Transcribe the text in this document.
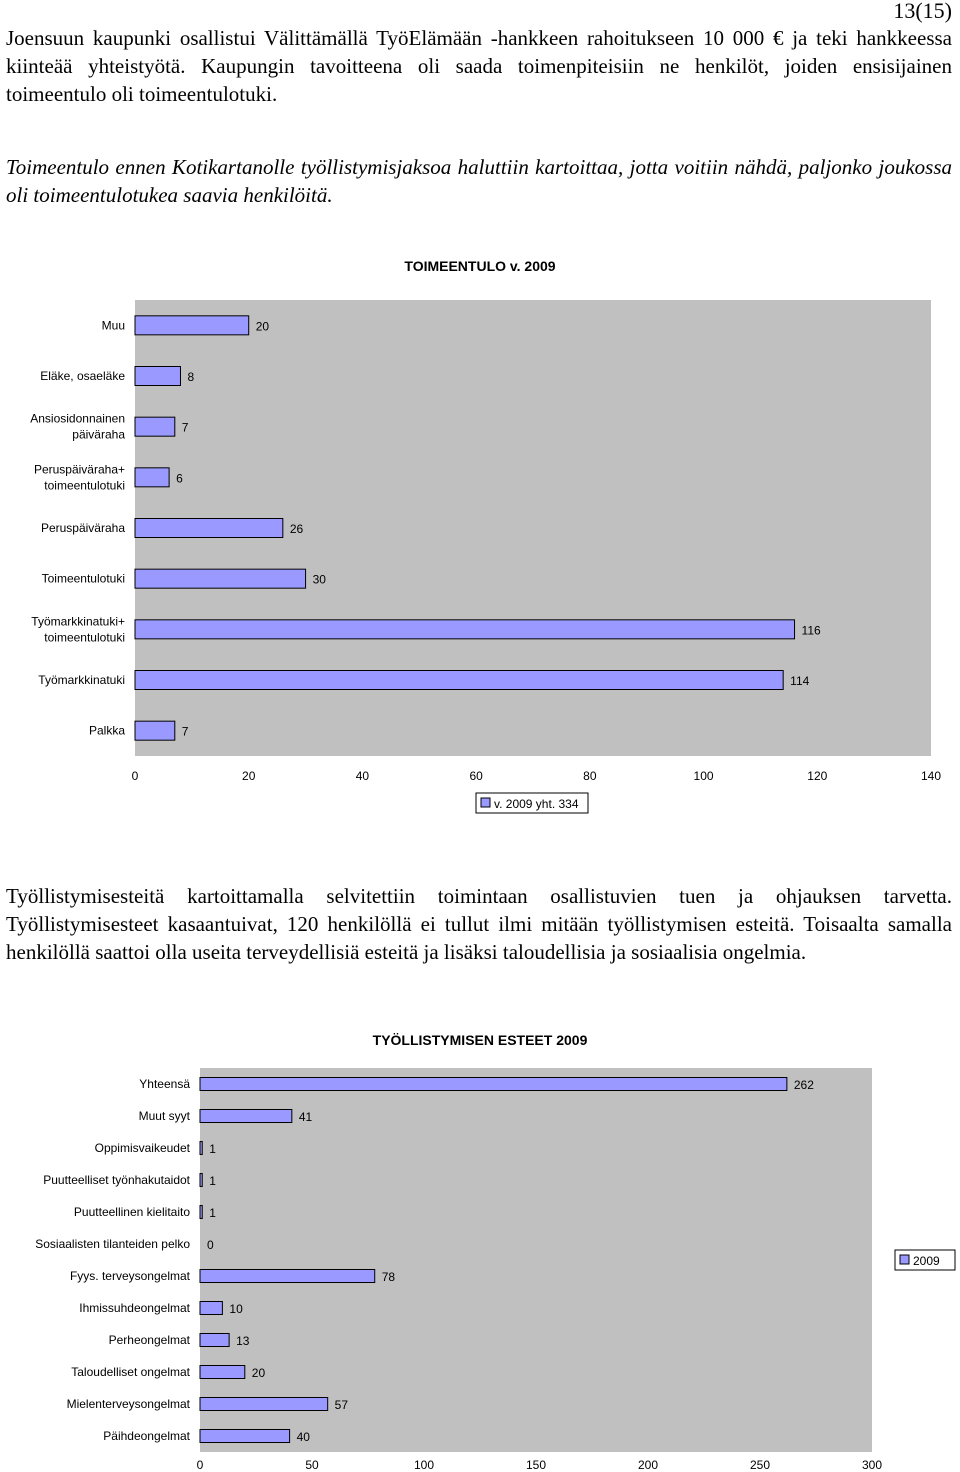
13(15)

Joensuun kaupunki osallistui Välittämällä TyöElämään -hankkeen rahoitukseen 10 000 € ja teki hankkeessa kiinteää yhteistyötä. Kaupungin tavoitteena oli saada toimenpiteisiin ne henkilöt, joiden ensisijainen toimeentulo oli toimeentulotuki.

Toimeentulo ennen Kotikartanolle työllistymisjaksoa haluttiin kartoittaa, jotta voitiin nähdä, paljonko joukossa oli toimeentulotukea saavia henkilöitä.

TOIMEENTULO v. 2009
20
Muu
8
Eläke, osaeläke
7
Ansiosidonnainen päiväraha
6
Peruspäiväraha+ toimeentulotuki
26
Peruspäiväraha
30
Toimeentulotuki
116
Työmarkkinatuki+ toimeentulotuki
114
Työmarkkinatuki
7
Palkka
0	20	40	60	80	100	120	140
v. 2009 yht. 334

Työllistymisesteitä kartoittamalla selvitettiin toimintaan osallistuvien tuen ja ohjauksen tarvetta. Työllistymisesteet kasaantuivat, 120 henkilöllä ei tullut ilmi mitään työllistymisen esteitä. Toisaalta samalla henkilöllä saattoi olla useita terveydellisiä esteitä ja lisäksi taloudellisia ja sosiaalisia ongelmia.

TYÖLLISTYMISEN ESTEET 2009
262
Yhteensä
41
Muut syyt
1
Oppimisvaikeudet
1
Puutteelliset työnhakutaidot
1
Puutteellinen kielitaito
0
Sosiaalisten tilanteiden pelko
78
Fyys. terveysongelmat
10
Ihmissuhdeongelmat
13
Perheongelmat
20
Taloudelliset ongelmat
57
Mielenterveysongelmat
40
Päihdeongelmat
0	50	100	150	200	250	300
2009
